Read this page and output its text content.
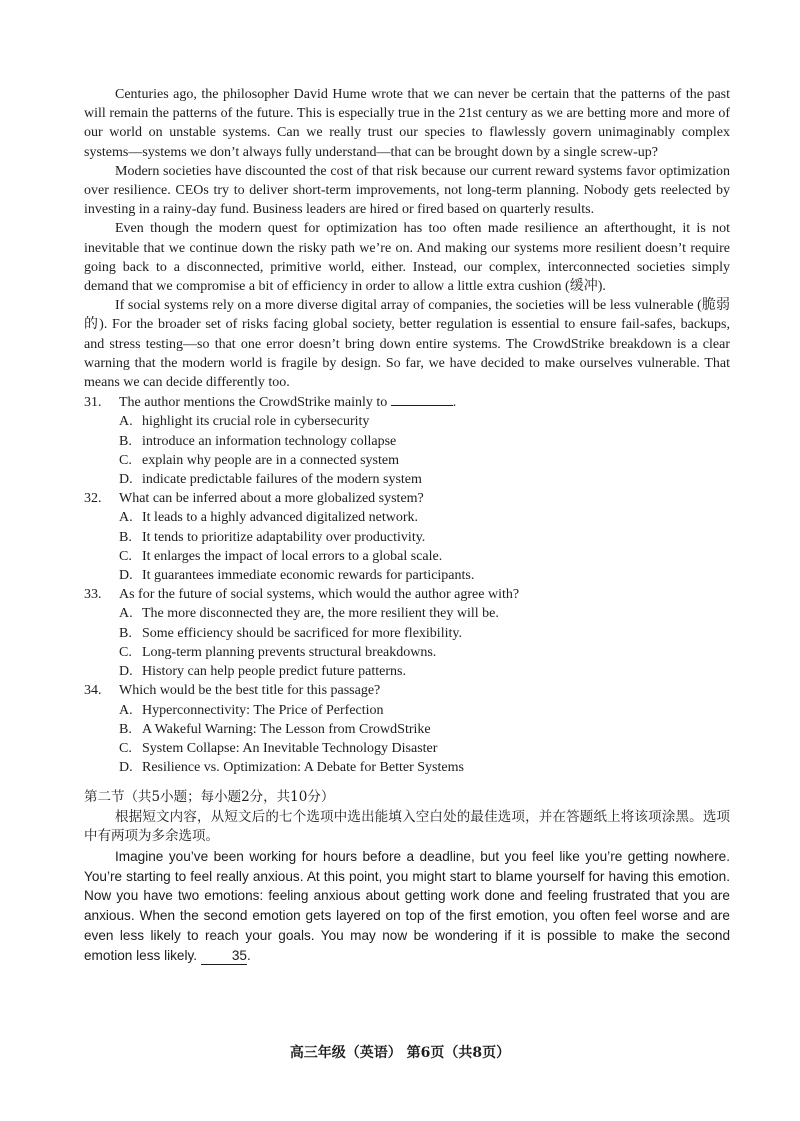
Centuries ago, the philosopher David Hume wrote that we can never be certain that the patterns of the past will remain the patterns of the future. This is especially true in the 21st century as we are betting more and more of our world on unstable systems. Can we really trust our species to flawlessly govern unimaginably complex systems—systems we don’t always fully understand—that can be brought down by a single screw-up?

Modern societies have discounted the cost of that risk because our current reward systems favor optimization over resilience. CEOs try to deliver short-term improvements, not long-term planning. Nobody gets reelected by investing in a rainy-day fund. Business leaders are hired or fired based on quarterly results.

Even though the modern quest for optimization has too often made resilience an afterthought, it is not inevitable that we continue down the risky path we’re on. And making our systems more resilient doesn’t require going back to a disconnected, primitive world, either. Instead, our complex, interconnected societies simply demand that we compromise a bit of efficiency in order to allow a little extra cushion (缓冲).

If social systems rely on a more diverse digital array of companies, the societies will be less vulnerable (脆弱的). For the broader set of risks facing global society, better regulation is essential to ensure fail-safes, backups, and stress testing—so that one error doesn’t bring down entire systems. The CrowdStrike breakdown is a clear warning that the modern world is fragile by design. So far, we have decided to make ourselves vulnerable. That means we can decide differently too.

31. The author mentions the CrowdStrike mainly to	.
A. highlight its crucial role in cybersecurity
B. introduce an information technology collapse
C. explain why people are in a connected system
D. indicate predictable failures of the modern system
32. What can be inferred about a more globalized system?
A. It leads to a highly advanced digitalized network.
B. It tends to prioritize adaptability over productivity.
C. It enlarges the impact of local errors to a global scale.
D. It guarantees immediate economic rewards for participants.
33. As for the future of social systems, which would the author agree with?
A. The more disconnected they are, the more resilient they will be.
B. Some efficiency should be sacrificed for more flexibility.
C. Long-term planning prevents structural breakdowns.
D. History can help people predict future patterns.
34. Which would be the best title for this passage?
A. Hyperconnectivity: The Price of Perfection
B. A Wakeful Warning: The Lesson from CrowdStrike
C. System Collapse: An Inevitable Technology Disaster
D. Resilience vs. Optimization: A Debate for Better Systems
第二节（共5小题；每小题2分，共10分）

根据短文内容，从短文后的七个选项中选出能填入空白处的最佳选项，并在答题纸上将该项涂黑。选项中有两项为多余选项。

Imagine you’ve been working for hours before a deadline, but you feel like you’re getting nowhere. You’re starting to feel really anxious. At this point, you might start to blame yourself for having this emotion. Now you have two emotions: feeling anxious about getting work done and feeling frustrated that you are anxious. When the second emotion gets layered on top of the first emotion, you often feel worse and are even less likely to reach your goals. You may now be wondering if it is possible to make the second emotion less likely.	35.

高三年级（英语） 第6页（共8页）
